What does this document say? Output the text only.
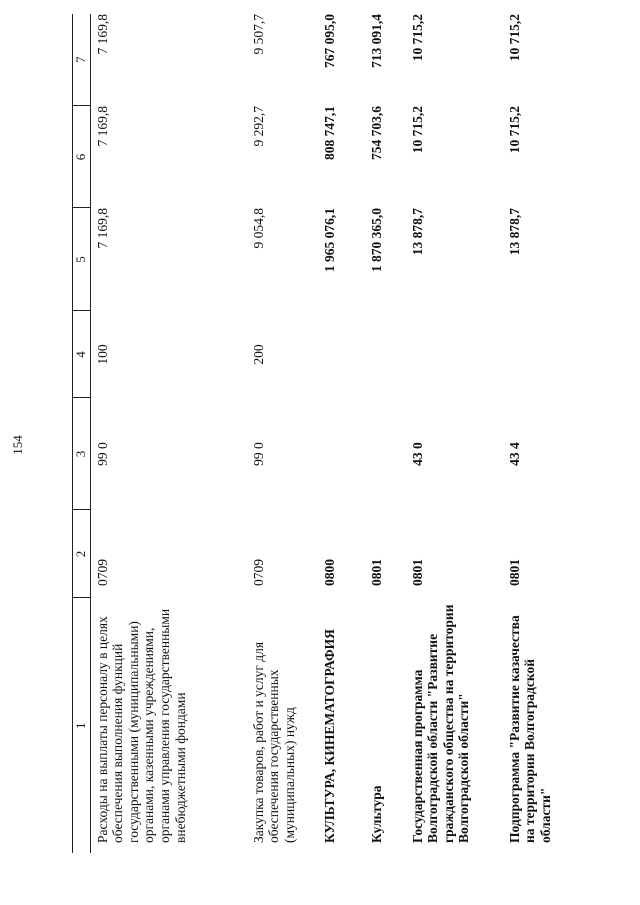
154
1	2	3	4	5	6	7
Расходы на выплаты персоналу в целях обеспечения выполнения функций государственными (муниципальными) органами, казенными учреждениями, органами управления государственными внебюджетными фондами	0709	99 0	100	7 169,8	7 169,8	7 169,8
Закупка товаров, работ и услуг для обеспечения государственных (муниципальных) нужд	0709	99 0	200	9 054,8	9 292,7	9 507,7
КУЛЬТУРА, КИНЕМАТОГРАФИЯ	0800			1 965 076,1	808 747,1	767 095,0
Культура	0801			1 870 365,0	754 703,6	713 091,4
Государственная программа Волгоградской области "Развитие гражданского общества на территории Волгоградской области"	0801	43 0		13 878,7	10 715,2	10 715,2
Подпрограмма "Развитие казачества на территории Волгоградской области"	0801	43 4		13 878,7	10 715,2	10 715,2
